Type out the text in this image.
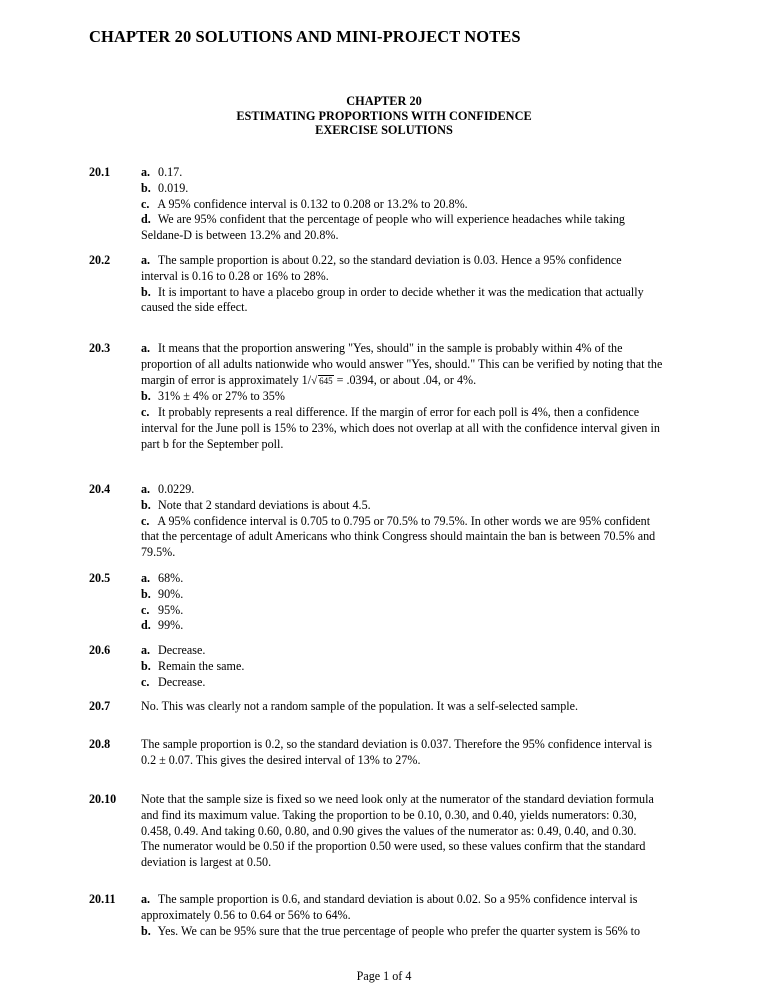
CHAPTER 20 SOLUTIONS AND MINI-PROJECT NOTES
CHAPTER 20
ESTIMATING PROPORTIONS WITH CONFIDENCE
EXERCISE SOLUTIONS
20.1	a. 0.17.
b. 0.019.
c. A 95% confidence interval is 0.132 to 0.208 or 13.2% to 20.8%.
d. We are 95% confident that the percentage of people who will experience headaches while taking
Seldane-D is between 13.2% and 20.8%.
20.2	a. The sample proportion is about 0.22, so the standard deviation is 0.03. Hence a 95% confidence
interval is 0.16 to 0.28 or 16% to 28%.
b. It is important to have a placebo group in order to decide whether it was the medication that actually
caused the side effect.
20.3	a. It means that the proportion answering "Yes, should" in the sample is probably within 4% of the
proportion of all adults nationwide who would answer "Yes, should." This can be verified by noting that the
margin of error is approximately 1/√ 645 = .0394, or about .04, or 4%.
b. 31% ± 4% or 27% to 35%
c. It probably represents a real difference. If the margin of error for each poll is 4%, then a confidence
interval for the June poll is 15% to 23%, which does not overlap at all with the confidence interval given in
part b for the September poll.
20.4	a. 0.0229.
b. Note that 2 standard deviations is about 4.5.
c. A 95% confidence interval is 0.705 to 0.795 or 70.5% to 79.5%. In other words we are 95% confident
that the percentage of adult Americans who think Congress should maintain the ban is between 70.5% and
79.5%.
20.5	a. 68%.
b. 90%.
c. 95%.
d. 99%.
20.6	a. Decrease.
b. Remain the same.
c. Decrease.
20.7	No. This was clearly not a random sample of the population. It was a self-selected sample.
20.8	The sample proportion is 0.2, so the standard deviation is 0.037. Therefore the 95% confidence interval is
0.2 ± 0.07. This gives the desired interval of 13% to 27%.
20.10 Note that the sample size is fixed so we need look only at the numerator of the standard deviation formula
and find its maximum value. Taking the proportion to be 0.10, 0.30, and 0.40, yields numerators: 0.30,
0.458, 0.49. And taking 0.60, 0.80, and 0.90 gives the values of the numerator as: 0.49, 0.40, and 0.30.
The numerator would be 0.50 if the proportion 0.50 were used, so these values confirm that the standard
deviation is largest at 0.50.
20.11 a. The sample proportion is 0.6, and standard deviation is about 0.02. So a 95% confidence interval is
approximately 0.56 to 0.64 or 56% to 64%.
b. Yes. We can be 95% sure that the true percentage of people who prefer the quarter system is 56% to
Page 1 of 4
